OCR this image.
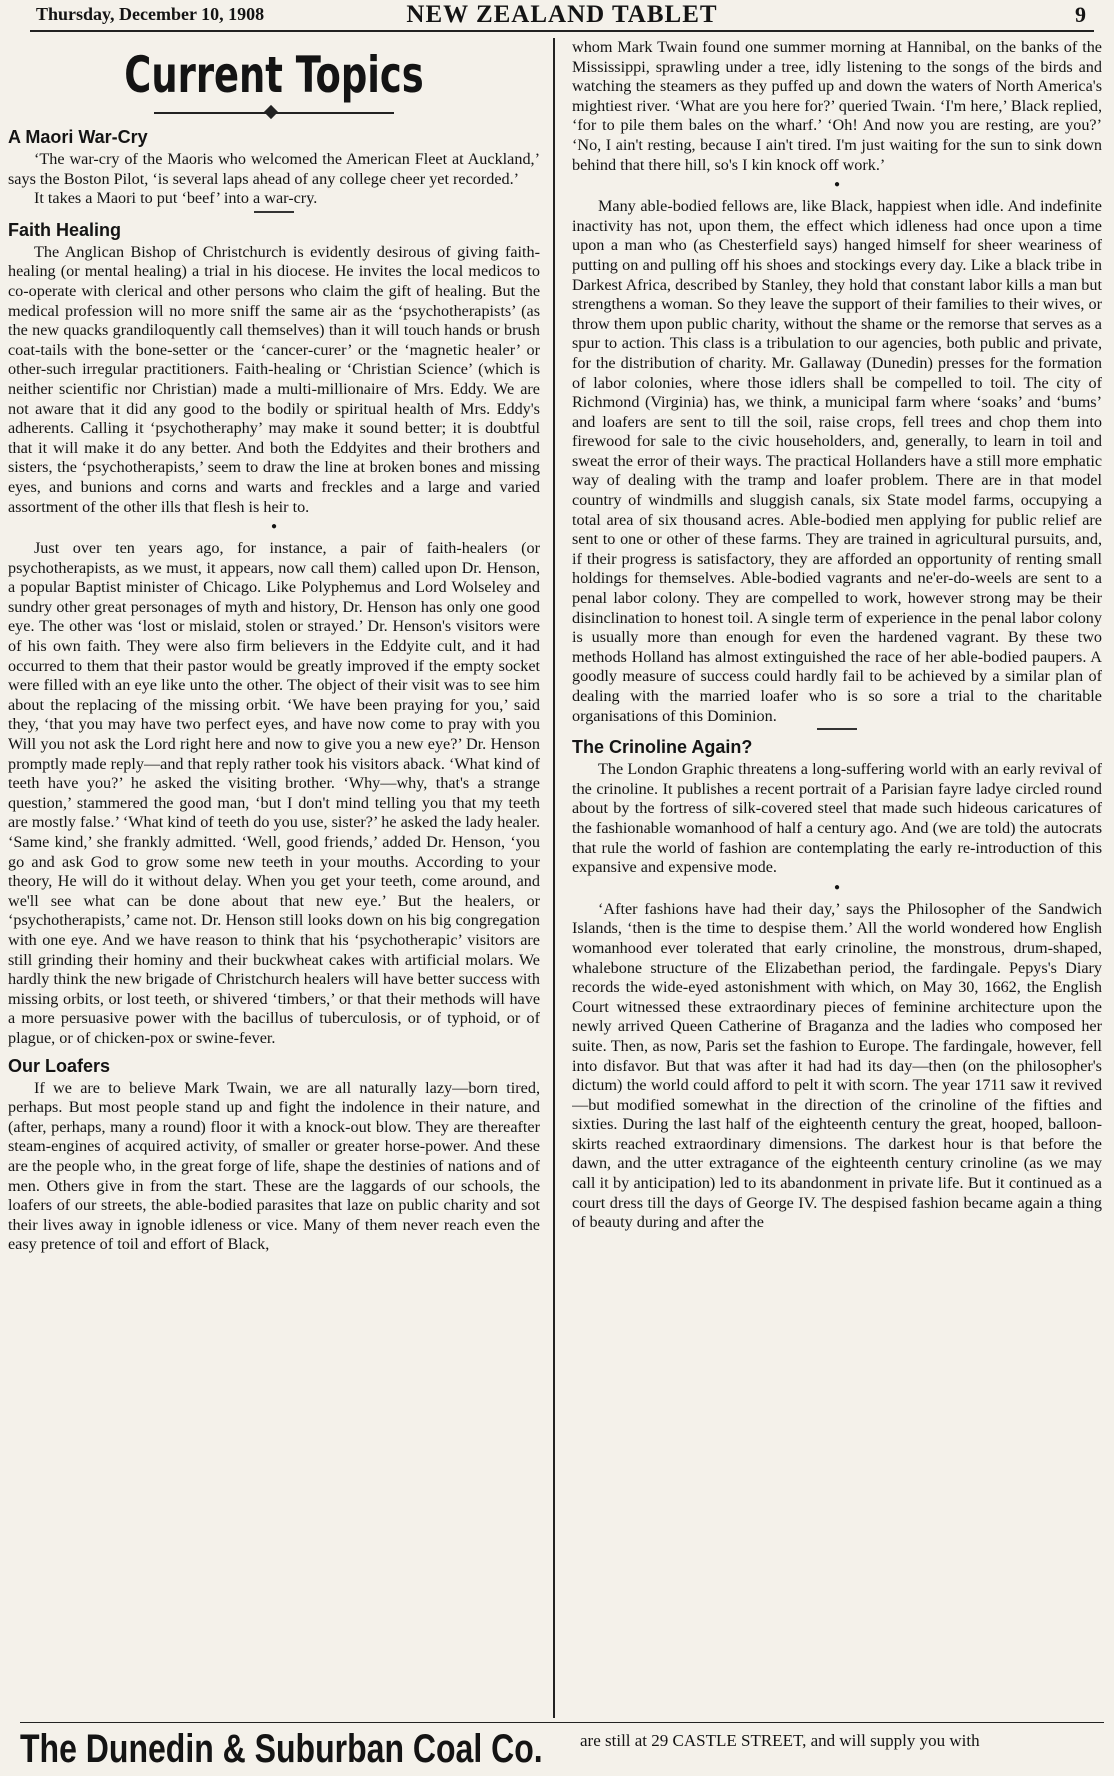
Thursday, December 10, 1908	NEW ZEALAND TABLET	9
Current Topics
A Maori War-Cry

‘The war-cry of the Maoris who welcomed the American Fleet at Auckland,’ says the Boston Pilot, ‘is several laps ahead of any college cheer yet recorded.’

It takes a Maori to put ‘beef’ into a war-cry.

Faith Healing

The Anglican Bishop of Christchurch is evidently desirous of giving faith-healing (or mental healing) a trial in his diocese. He invites the local medicos to co-operate with clerical and other persons who claim the gift of healing. But the medical profession will no more sniff the same air as the ‘psychotherapists’ (as the new quacks grandiloquently call themselves) than it will touch hands or brush coat-tails with the bone-setter or the ‘cancer-curer’ or the ‘magnetic healer’ or other-such irregular practitioners. Faith-healing or ‘Christian Science’ (which is neither scientific nor Christian) made a multi-millionaire of Mrs. Eddy. We are not aware that it did any good to the bodily or spiritual health of Mrs. Eddy's adherents. Calling it ‘psychotheraphy’ may make it sound better; it is doubtful that it will make it do any better. And both the Eddyites and their brothers and sisters, the ‘psychotherapists,’ seem to draw the line at broken bones and missing eyes, and bunions and corns and warts and freckles and a large and varied assortment of the other ills that flesh is heir to.

●

Just over ten years ago, for instance, a pair of faith-healers (or psychotherapists, as we must, it appears, now call them) called upon Dr. Henson, a popular Baptist minister of Chicago. Like Polyphemus and Lord Wolseley and sundry other great personages of myth and history, Dr. Henson has only one good eye. The other was ‘lost or mislaid, stolen or strayed.’ Dr. Henson's visitors were of his own faith. They were also firm believers in the Eddyite cult, and it had occurred to them that their pastor would be greatly improved if the empty socket were filled with an eye like unto the other. The object of their visit was to see him about the replacing of the missing orbit. ‘We have been praying for you,’ said they, ‘that you may have two perfect eyes, and have now come to pray with you Will you not ask the Lord right here and now to give you a new eye?’ Dr. Henson promptly made reply—and that reply rather took his visitors aback. ‘What kind of teeth have you?’ he asked the visiting brother. ‘Why—why, that's a strange question,’ stammered the good man, ‘but I don't mind telling you that my teeth are mostly false.’ ‘What kind of teeth do you use, sister?’ he asked the lady healer. ‘Same kind,’ she frankly admitted. ‘Well, good friends,’ added Dr. Henson, ‘you go and ask God to grow some new teeth in your mouths. According to your theory, He will do it without delay. When you get your teeth, come around, and we'll see what can be done about that new eye.’ But the healers, or ‘psychotherapists,’ came not. Dr. Henson still looks down on his big congregation with one eye. And we have reason to think that his ‘psychotherapic’ visitors are still grinding their hominy and their buckwheat cakes with artificial molars. We hardly think the new brigade of Christchurch healers will have better success with missing orbits, or lost teeth, or shivered ‘timbers,’ or that their methods will have a more persuasive power with the bacillus of tuberculosis, or of typhoid, or of plague, or of chicken-pox or swine-fever.

Our Loafers

If we are to believe Mark Twain, we are all naturally lazy—born tired, perhaps. But most people stand up and fight the indolence in their nature, and (after, perhaps, many a round) floor it with a knock-out blow. They are thereafter steam-engines of acquired activity, of smaller or greater horse-power. And these are the people who, in the great forge of life, shape the destinies of nations and of men. Others give in from the start. These are the laggards of our schools, the loafers of our streets, the able-bodied parasites that laze on public charity and sot their lives away in ignoble idleness or vice. Many of them never reach even the easy pretence of toil and effort of Black,

whom Mark Twain found one summer morning at Hannibal, on the banks of the Mississippi, sprawling under a tree, idly listening to the songs of the birds and watching the steamers as they puffed up and down the waters of North America's mightiest river. ‘What are you here for?’ queried Twain. ‘I'm here,’ Black replied, ‘for to pile them bales on the wharf.’ ‘Oh! And now you are resting, are you?’ ‘No, I ain't resting, because I ain't tired. I'm just waiting for the sun to sink down behind that there hill, so's I kin knock off work.’

●

Many able-bodied fellows are, like Black, happiest when idle. And indefinite inactivity has not, upon them, the effect which idleness had once upon a time upon a man who (as Chesterfield says) hanged himself for sheer weariness of putting on and pulling off his shoes and stockings every day. Like a black tribe in Darkest Africa, described by Stanley, they hold that constant labor kills a man but strengthens a woman. So they leave the support of their families to their wives, or throw them upon public charity, without the shame or the remorse that serves as a spur to action. This class is a tribulation to our agencies, both public and private, for the distribution of charity. Mr. Gallaway (Dunedin) presses for the formation of labor colonies, where those idlers shall be compelled to toil. The city of Richmond (Virginia) has, we think, a municipal farm where ‘soaks’ and ‘bums’ and loafers are sent to till the soil, raise crops, fell trees and chop them into firewood for sale to the civic householders, and, generally, to learn in toil and sweat the error of their ways. The practical Hollanders have a still more emphatic way of dealing with the tramp and loafer problem. There are in that model country of windmills and sluggish canals, six State model farms, occupying a total area of six thousand acres. Able-bodied men applying for public relief are sent to one or other of these farms. They are trained in agricultural pursuits, and, if their progress is satisfactory, they are afforded an opportunity of renting small holdings for themselves. Able-bodied vagrants and ne'er-do-weels are sent to a penal labor colony. They are compelled to work, however strong may be their disinclination to honest toil. A single term of experience in the penal labor colony is usually more than enough for even the hardened vagrant. By these two methods Holland has almost extinguished the race of her able-bodied paupers. A goodly measure of success could hardly fail to be achieved by a similar plan of dealing with the married loafer who is so sore a trial to the charitable organisations of this Dominion.

The Crinoline Again?

The London Graphic threatens a long-suffering world with an early revival of the crinoline. It publishes a recent portrait of a Parisian fayre ladye circled round about by the fortress of silk-covered steel that made such hideous caricatures of the fashionable womanhood of half a century ago. And (we are told) the autocrats that rule the world of fashion are contemplating the early re-introduction of this expansive and expensive mode.

●

‘After fashions have had their day,’ says the Philosopher of the Sandwich Islands, ‘then is the time to despise them.’ All the world wondered how English womanhood ever tolerated that early crinoline, the monstrous, drum-shaped, whalebone structure of the Elizabethan period, the fardingale. Pepys's Diary records the wide-eyed astonishment with which, on May 30, 1662, the English Court witnessed these extraordinary pieces of feminine architecture upon the newly arrived Queen Catherine of Braganza and the ladies who composed her suite. Then, as now, Paris set the fashion to Europe. The fardingale, however, fell into disfavor. But that was after it had had its day—then (on the philosopher's dictum) the world could afford to pelt it with scorn. The year 1711 saw it revived—but modified somewhat in the direction of the crinoline of the fifties and sixties. During the last half of the eighteenth century the great, hooped, balloon-skirts reached extraordinary dimensions. The darkest hour is that before the dawn, and the utter extragance of the eighteenth century crinoline (as we may call it by anticipation) led to its abandonment in private life. But it continued as a court dress till the days of George IV. The despised fashion became again a thing of beauty during and after the

The Dunedin & Suburban Coal Co. are still at 29 CASTLE STREET, and will supply you with
